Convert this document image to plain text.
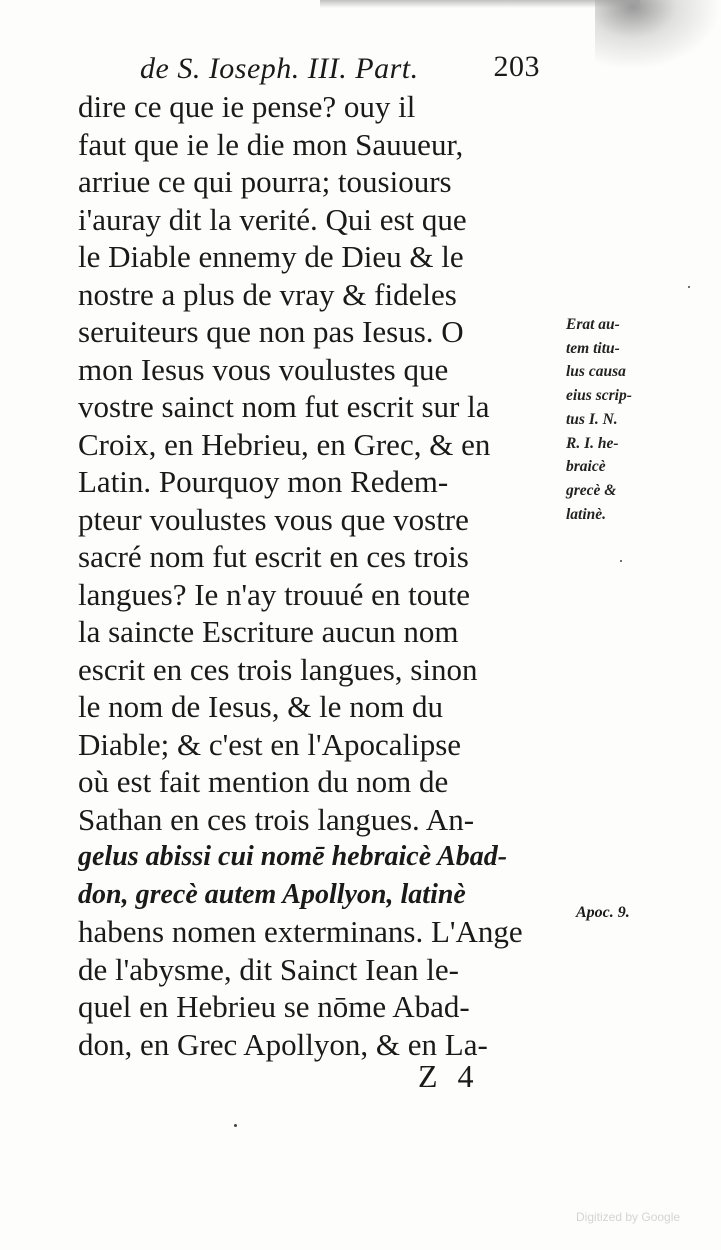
de S. Ioseph. III. Part. 203
dire ce que ie pense? ouy il
faut que ie le die mon Sauueur,
arriue ce qui pourra; tousiours
i'auray dit la verité. Qui est que
le Diable ennemy de Dieu & le
nostre a plus de vray & fideles
seruiteurs que non pas Iesus. O
mon Iesus vous voulustes que
vostre sainct nom fut escrit sur la
Croix, en Hebrieu, en Grec, & en
Latin. Pourquoy mon Redem-
pteur voulustes vous que vostre
sacré nom fut escrit en ces trois
langues? Ie n'ay trouué en toute
la saincte Escriture aucun nom
escrit en ces trois langues, sinon
le nom de Iesus, & le nom du
Diable; & c'est en l'Apocalipse
où est fait mention du nom de
Sathan en ces trois langues. An-
gelus abissi cui nomē hebraicè Abad-
don, grecè autem Apollyon, latinè
habens nomen exterminans. L'Ange
de l'abysme, dit Sainct Iean le-
quel en Hebrieu se nōme Abad-
don, en Grec Apollyon, & en La-
Erat au-
tem titu-
lus causa
eius scrip-
tus I. N.
R. I. he-
braicè
grecè &
latinè.
Apoc. 9.
Z 4
Digitized by Google
